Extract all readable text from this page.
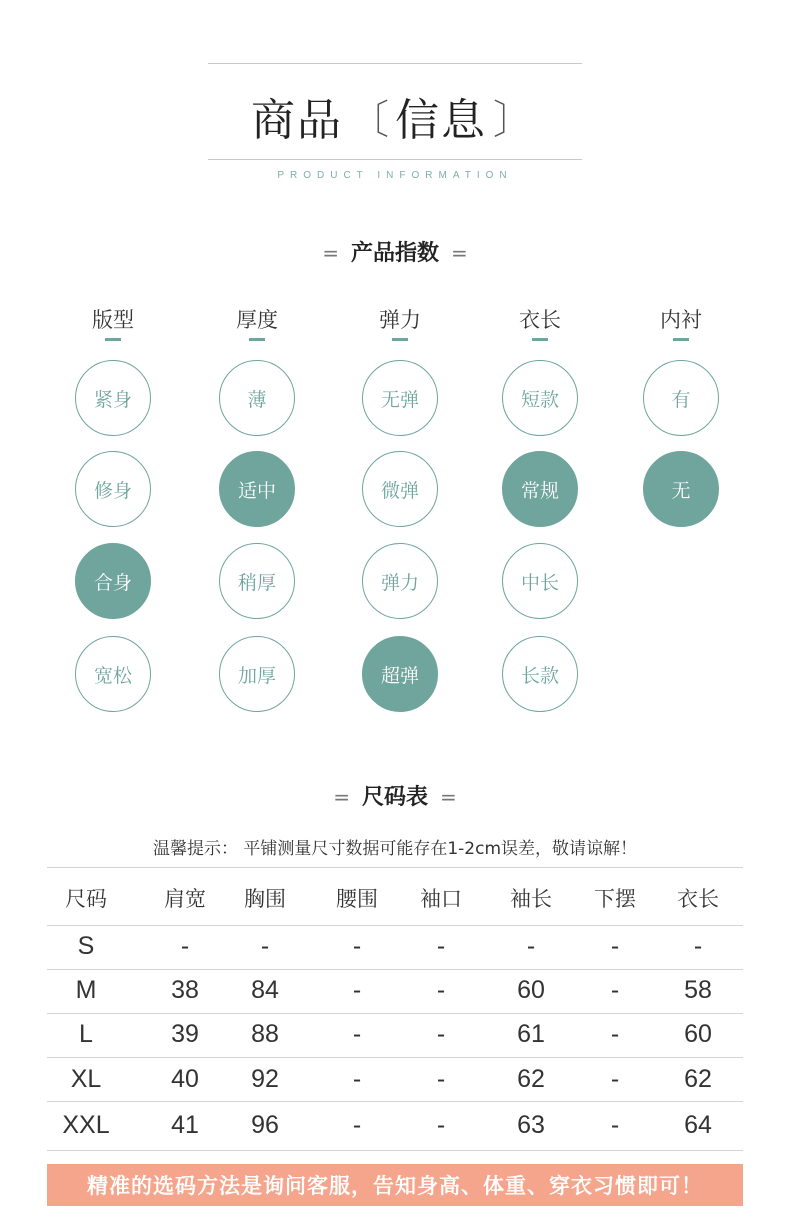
商品 〔 信息 〕
PRODUCT INFORMATION
= 产品指数 =
版型
紧身
修身
合身
宽松
厚度
薄
适中
稍厚
加厚
弹力
无弹
微弹
弹力
超弹
衣长
短款
常规
中长
长款
内衬
有
无
= 尺码表 =
温馨提示： 平铺测量尺寸数据可能存在1-2cm误差，敬请谅解！
尺码	肩宽	胸围	腰围	袖口	袖长	下摆	衣长
S	-	-	-	-	-	-	-
M	38	84	-	-	60	-	58
L	39	88	-	-	61	-	60
XL	40	92	-	-	62	-	62
XXL	41	96	-	-	63	-	64
精准的选码方法是询问客服，告知身高、体重、穿衣习惯即可！
